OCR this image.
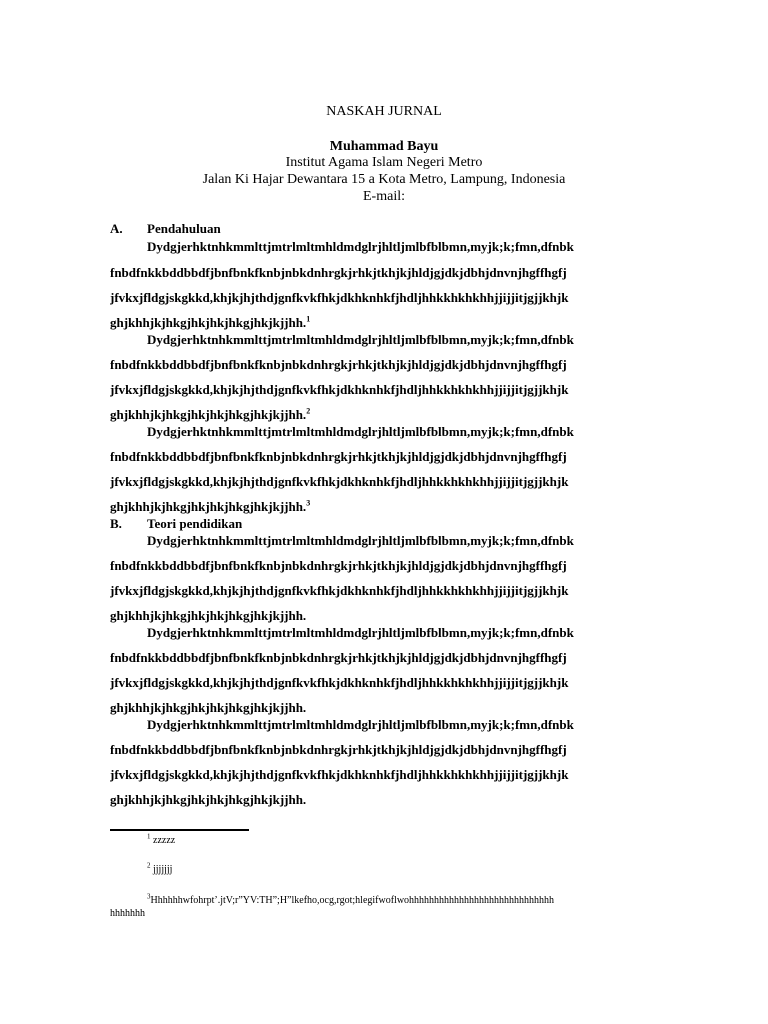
NASKAH JURNAL
Muhammad Bayu
Institut Agama Islam Negeri Metro
Jalan Ki Hajar Dewantara 15 a Kota Metro, Lampung, Indonesia
E-mail:
A. Pendahuluan
Dydgjerhktnhkmmlttjmtrlmltmhldmdglrjhltljmlbfblbmn,myjk;k;fmn,dfnbk
fnbdfnkkbddbbdfjbnfbnkfknbjnbkdnhrgkjrhkjtkhjkjhldjgjdkjdbhjdnvnjhgffhgfj
jfvkxjfldgjskgkkd,khjkjhjthdjgnfkvkfhkjdkhknhkfjhdljhhkkhkhkhhjjijjitjgjjkhjk
ghjkhhjkjhkgjhkjhkjhkgjhkjkjjhh.$^1$
Dydgjerhktnhkmmlttjmtrlmltmhldmdglrjhltljmlbfblbmn,myjk;k;fmn,dfnbk
fnbdfnkkbddbbdfjbnfbnkfknbjnbkdnhrgkjrhkjtkhjkjhldjgjdkjdbhjdnvnjhgffhgfj
jfvkxjfldgjskgkkd,khjkjhjthdjgnfkvkfhkjdkhknhkfjhdljhhkkhkhkhhjjijjitjgjjkhjk
ghjkhhjkjhkgjhkjhkjhkgjhkjkjjhh.$^2$
Dydgjerhktnhkmmlttjmtrlmltmhldmdglrjhltljmlbfblbmn,myjk;k;fmn,dfnbk
fnbdfnkkbddbbdfjbnfbnkfknbjnbkdnhrgkjrhkjtkhjkjhldjgjdkjdbhjdnvnjhgffhgfj
jfvkxjfldgjskgkkd,khjkjhjthdjgnfkvkfhkjdkhknhkfjhdljhhkkhkhkhhjjijjitjgjjkhjk
ghjkhhjkjhkgjhkjhkjhkgjhkjkjjhh.$^3$
B. Teori pendidikan
Dydgjerhktnhkmmlttjmtrlmltmhldmdglrjhltljmlbfblbmn,myjk;k;fmn,dfnbk
fnbdfnkkbddbbdfjbnfbnkfknbjnbkdnhrgkjrhkjtkhjkjhldjgjdkjdbhjdnvnjhgffhgfj
jfvkxjfldgjskgkkd,khjkjhjthdjgnfkvkfhkjdkhknhkfjhdljhhkkhkhkhhjjijjitjgjjkhjk
ghjkhhjkjhkgjhkjhkjhkgjhkjkjjhh.
Dydgjerhktnhkmmlttjmtrlmltmhldmdglrjhltljmlbfblbmn,myjk;k;fmn,dfnbk
fnbdfnkkbddbbdfjbnfbnkfknbjnbkdnhrgkjrhkjtkhjkjhldjgjdkjdbhjdnvnjhgffhgfj
jfvkxjfldgjskgkkd,khjkjhjthdjgnfkvkfhkjdkhknhkfjhdljhhkkhkhkhhjjijjitjgjjkhjk
ghjkhhjkjhkgjhkjhkjhkgjhkjkjjhh.
Dydgjerhktnhkmmlttjmtrlmltmhldmdglrjhltljmlbfblbmn,myjk;k;fmn,dfnbk
fnbdfnkkbddbbdfjbnfbnkfknbjnbkdnhrgkjrhkjtkhjkjhldjgjdkjdbhjdnvnjhgffhgfj
jfvkxjfldgjskgkkd,khjkjhjthdjgnfkvkfhkjdkhknhkfjhdljhhkkhkhkhhjjijjitjgjjkhjk
ghjkhhjkjhkgjhkjhkjhkgjhkjkjjhh.
$^1$ zzzzz
$^2$ jjjjjjj
$^3$Hhhhhhwfohrpt’.jtV;r”YV:TH”;H”lkefho,ocg,rgot;hlegifwoflwohhhhhhhhhhhhhhhhhhhhhhhhhhhhh
hhhhhhh
